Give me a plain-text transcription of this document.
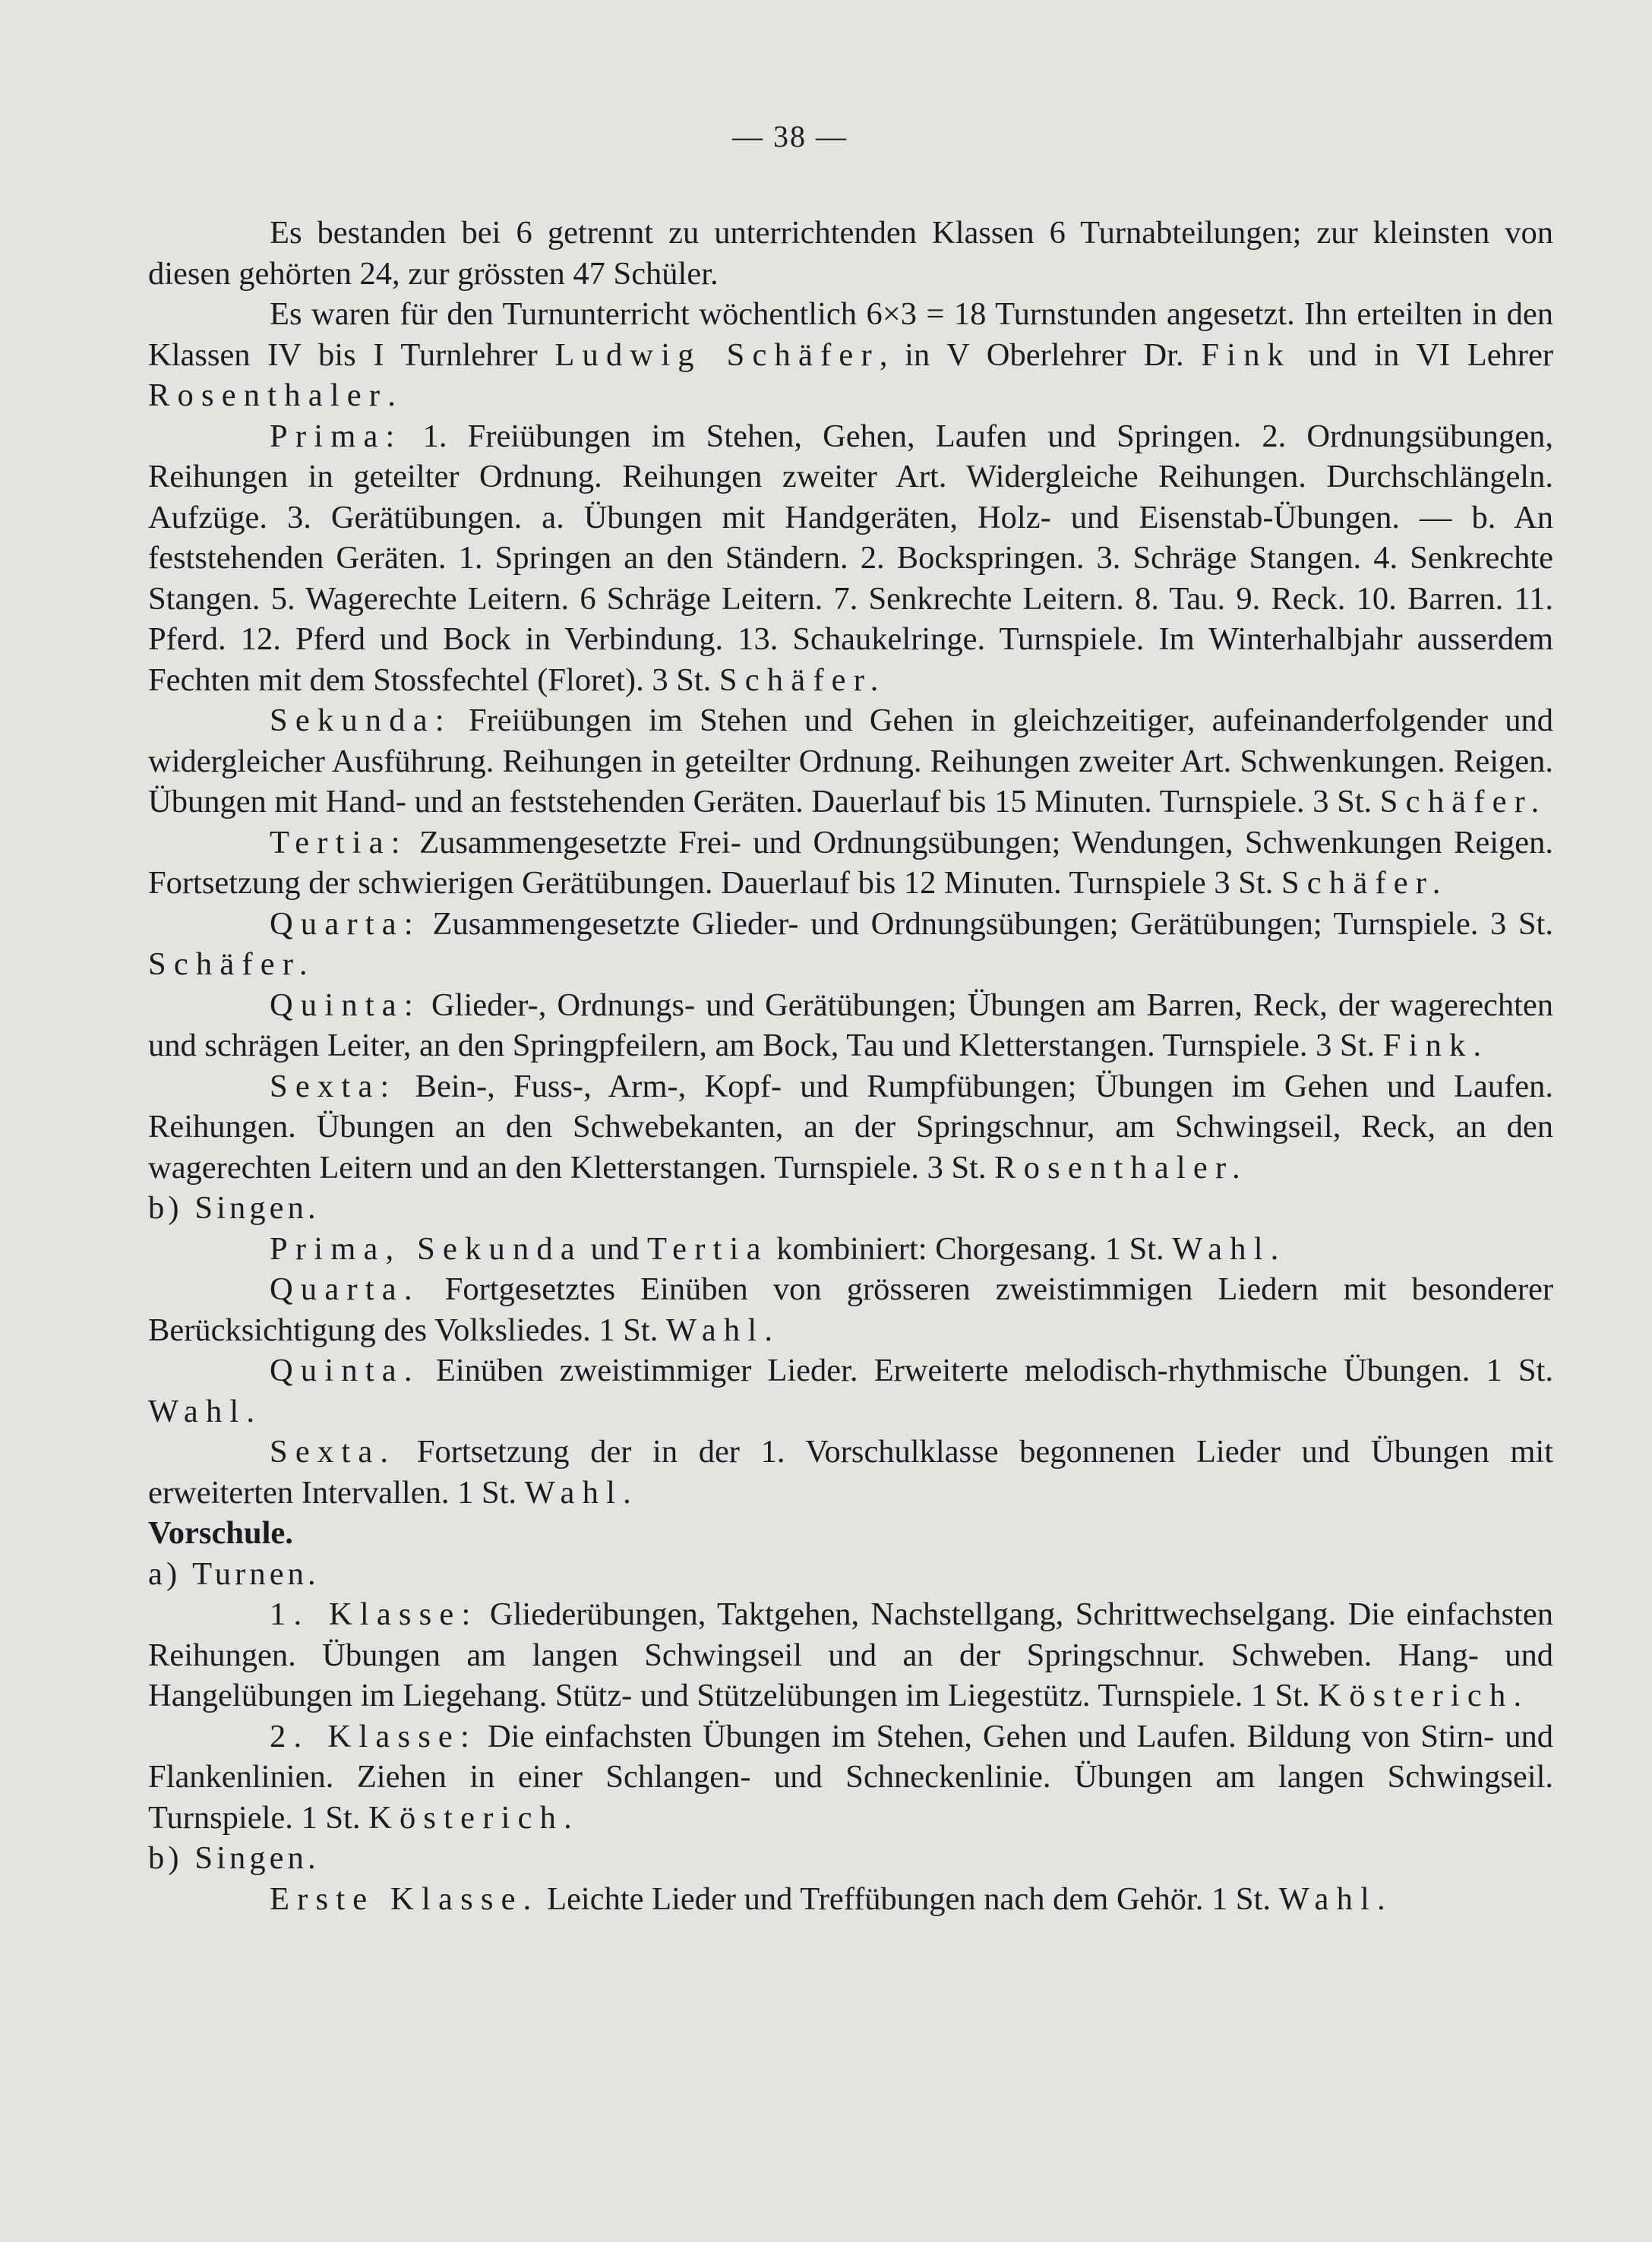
— 38 —

Es bestanden bei 6 getrennt zu unterrichtenden Klassen 6 Turnabteilungen; zur kleinsten von diesen gehörten 24, zur grössten 47 Schüler.

Es waren für den Turnunterricht wöchentlich 6×3 = 18 Turnstunden angesetzt. Ihn erteilten in den Klassen IV bis I Turnlehrer Ludwig Schäfer, in V Oberlehrer Dr. Fink und in VI Lehrer Rosenthaler.

Prima: 1. Freiübungen im Stehen, Gehen, Laufen und Springen. 2. Ordnungsübungen, Reihungen in geteilter Ordnung. Reihungen zweiter Art. Widergleiche Reihungen. Durchschlängeln. Aufzüge. 3. Gerätübungen. a. Übungen mit Handgeräten, Holz- und Eisenstab-Übungen. — b. An feststehenden Geräten. 1. Springen an den Ständern. 2. Bockspringen. 3. Schräge Stangen. 4. Senkrechte Stangen. 5. Wagerechte Leitern. 6 Schräge Leitern. 7. Senkrechte Leitern. 8. Tau. 9. Reck. 10. Barren. 11. Pferd. 12. Pferd und Bock in Verbindung. 13. Schaukelringe. Turnspiele. Im Winterhalbjahr ausserdem Fechten mit dem Stossfechtel (Floret). 3 St. Schäfer.

Sekunda: Freiübungen im Stehen und Gehen in gleichzeitiger, aufeinanderfolgender und widergleicher Ausführung. Reihungen in geteilter Ordnung. Reihungen zweiter Art. Schwenkungen. Reigen. Übungen mit Hand- und an feststehenden Geräten. Dauerlauf bis 15 Minuten. Turnspiele. 3 St. Schäfer.

Tertia: Zusammengesetzte Frei- und Ordnungsübungen; Wendungen, Schwenkungen Reigen. Fortsetzung der schwierigen Gerätübungen. Dauerlauf bis 12 Minuten. Turnspiele 3 St. Schäfer.

Quarta: Zusammengesetzte Glieder- und Ordnungsübungen; Gerätübungen; Turnspiele. 3 St. Schäfer.

Quinta: Glieder-, Ordnungs- und Gerätübungen; Übungen am Barren, Reck, der wagerechten und schrägen Leiter, an den Springpfeilern, am Bock, Tau und Kletterstangen. Turnspiele. 3 St. Fink.

Sexta: Bein-, Fuss-, Arm-, Kopf- und Rumpfübungen; Übungen im Gehen und Laufen. Reihungen. Übungen an den Schwebekanten, an der Springschnur, am Schwingseil, Reck, an den wagerechten Leitern und an den Kletterstangen. Turnspiele. 3 St. Rosenthaler.

b) Singen.

Prima, Sekunda und Tertia kombiniert: Chorgesang. 1 St. Wahl.

Quarta. Fortgesetztes Einüben von grösseren zweistimmigen Liedern mit besonderer Berücksichtigung des Volksliedes. 1 St. Wahl.

Quinta. Einüben zweistimmiger Lieder. Erweiterte melodisch-rhythmische Übungen. 1 St. Wahl.

Sexta. Fortsetzung der in der 1. Vorschulklasse begonnenen Lieder und Übungen mit erweiterten Intervallen. 1 St. Wahl.

Vorschule.

a) Turnen.

1. Klasse: Gliederübungen, Taktgehen, Nachstellgang, Schrittwechselgang. Die einfachsten Reihungen. Übungen am langen Schwingseil und an der Springschnur. Schweben. Hang- und Hangelübungen im Liegehang. Stütz- und Stützelübungen im Liegestütz. Turnspiele. 1 St. Kösterich.

2. Klasse: Die einfachsten Übungen im Stehen, Gehen und Laufen. Bildung von Stirn- und Flankenlinien. Ziehen in einer Schlangen- und Schneckenlinie. Übungen am langen Schwingseil. Turnspiele. 1 St. Kösterich.

b) Singen.

Erste Klasse. Leichte Lieder und Treffübungen nach dem Gehör. 1 St. Wahl.
